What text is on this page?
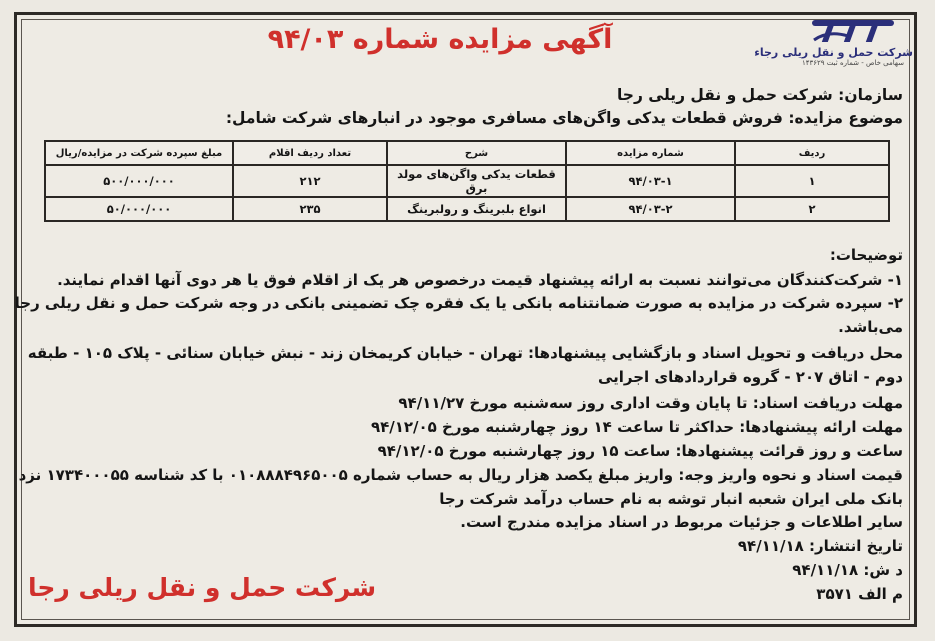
شرکت حمل و نقل ریلی رجاء
سهامی خاص - شماره ثبت ۱۴۳۶۲۹
آگهی مزایده شماره ۹۴/۰۳
سازمان: شرکت حمل و نقل ریلی رجا
موضوع مزایده: فروش قطعات یدکی واگن‌های مسافری موجود در انبارهای شرکت شامل:
ردیف	شماره مزایده	شرح	تعداد ردیف اقلام	مبلغ سپرده شرکت در مزایده/ریال
۱	۹۴/۰۳-۱	قطعات یدکی واگن‌های مولد برق	۲۱۲	۵۰۰/۰۰۰/۰۰۰
۲	۹۴/۰۳-۲	انواع بلبرینگ و رولبرینگ	۲۳۵	۵۰/۰۰۰/۰۰۰
توضیحات:
۱- شرکت‌کنندگان می‌توانند نسبت به ارائه پیشنهاد قیمت درخصوص هر یک از اقلام فوق یا هر دوی آنها اقدام نمایند.
۲- سپرده شرکت در مزایده به صورت ضمانتنامه بانکی یا یک فقره چک تضمینی بانکی در وجه شرکت حمل و نقل ریلی رجا
می‌باشد.
محل دریافت و تحویل اسناد و بازگشایی پیشنهادها: تهران - خیابان کریمخان زند - نبش خیابان سنائی - پلاک ۱۰۵ - طبقه
دوم - اتاق ۲۰۷ - گروه قراردادهای اجرایی
مهلت دریافت اسناد: تا پایان وقت اداری روز سه‌شنبه مورخ ۹۴/۱۱/۲۷
مهلت ارائه پیشنهادها: حداکثر تا ساعت ۱۴ روز چهارشنبه مورخ ۹۴/۱۲/۰۵
ساعت و روز قرائت پیشنهادها: ساعت ۱۵ روز چهارشنبه مورخ ۹۴/۱۲/۰۵
قیمت اسناد و نحوه واریز وجه: واریز مبلغ یکصد هزار ریال به حساب شماره ۰۱۰۸۸۸۴۹۶۵۰۰۵ با کد شناسه ۱۷۳۴۰۰۰۵۵ نزد
بانک ملی ایران شعبه انبار توشه به نام حساب درآمد شرکت رجا
سایر اطلاعات و جزئیات مربوط در اسناد مزایده مندرج است.
تاریخ انتشار: ۹۴/۱۱/۱۸
د ش: ۹۴/۱۱/۱۸
م الف ۳۵۷۱
شرکت حمل و نقل ریلی رجا
